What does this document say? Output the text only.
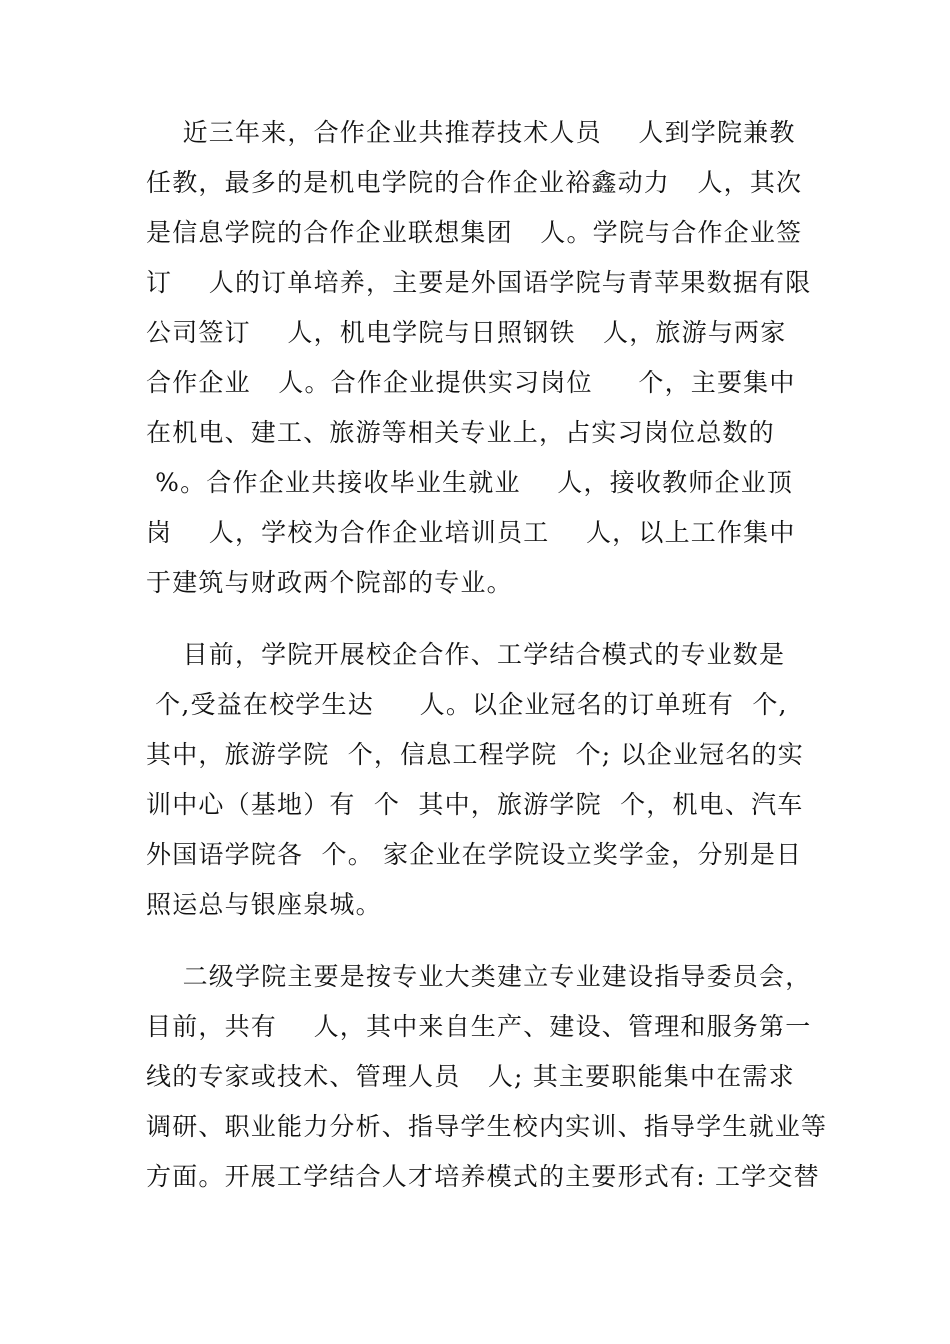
近三年来，合作企业共推荐技术人员    人到学院兼教
任教，最多的是机电学院的合作企业裕鑫动力   人，其次
是信息学院的合作企业联想集团   人。学院与合作企业签
订    人的订单培养，主要是外国语学院与青苹果数据有限
公司签订    人，机电学院与日照钢铁   人，旅游与两家
合作企业   人。合作企业提供实习岗位     个，主要集中
在机电、建工、旅游等相关专业上，占实习岗位总数的
%。合作企业共接收毕业生就业    人，接收教师企业顶
岗    人，学校为合作企业培训员工    人，以上工作集中
于建筑与财政两个院部的专业。
目前，学院开展校企合作、工学结合模式的专业数是
个,受益在校学生达     人。以企业冠名的订单班有  个,
其中，旅游学院  个，信息工程学院  个; 以企业冠名的实
训中心（基地）有  个  其中，旅游学院  个，机电、汽车
外国语学院各  个。 家企业在学院设立奖学金，分别是日
照运总与银座泉城。
二级学院主要是按专业大类建立专业建设指导委员会，
目前，共有    人，其中来自生产、建设、管理和服务第一
线的专家或技术、管理人员   人; 其主要职能集中在需求
调研、职业能力分析、指导学生校内实训、指导学生就业等
方面。开展工学结合人才培养模式的主要形式有: 工学交替
